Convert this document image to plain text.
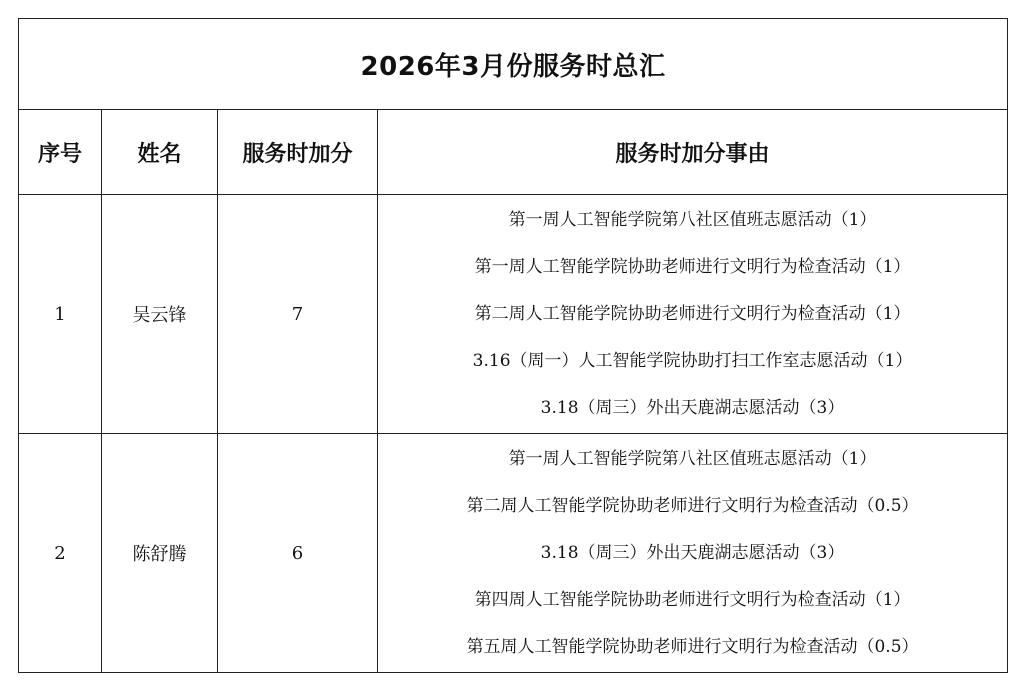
2026年3月份服务时总汇			
序号	姓名	服务时加分	服务时加分事由
1	吴云锋	7	第一周人工智能学院第八社区值班志愿活动（1）
第一周人工智能学院协助老师进行文明行为检查活动（1）
第二周人工智能学院协助老师进行文明行为检查活动（1）
3.16（周一）人工智能学院协助打扫工作室志愿活动（1）
3.18（周三）外出天鹿湖志愿活动（3）

2	陈舒腾	6	第一周人工智能学院第八社区值班志愿活动（1）
第二周人工智能学院协助老师进行文明行为检查活动（0.5）
3.18（周三）外出天鹿湖志愿活动（3）
第四周人工智能学院协助老师进行文明行为检查活动（1）
第五周人工智能学院协助老师进行文明行为检查活动（0.5）
